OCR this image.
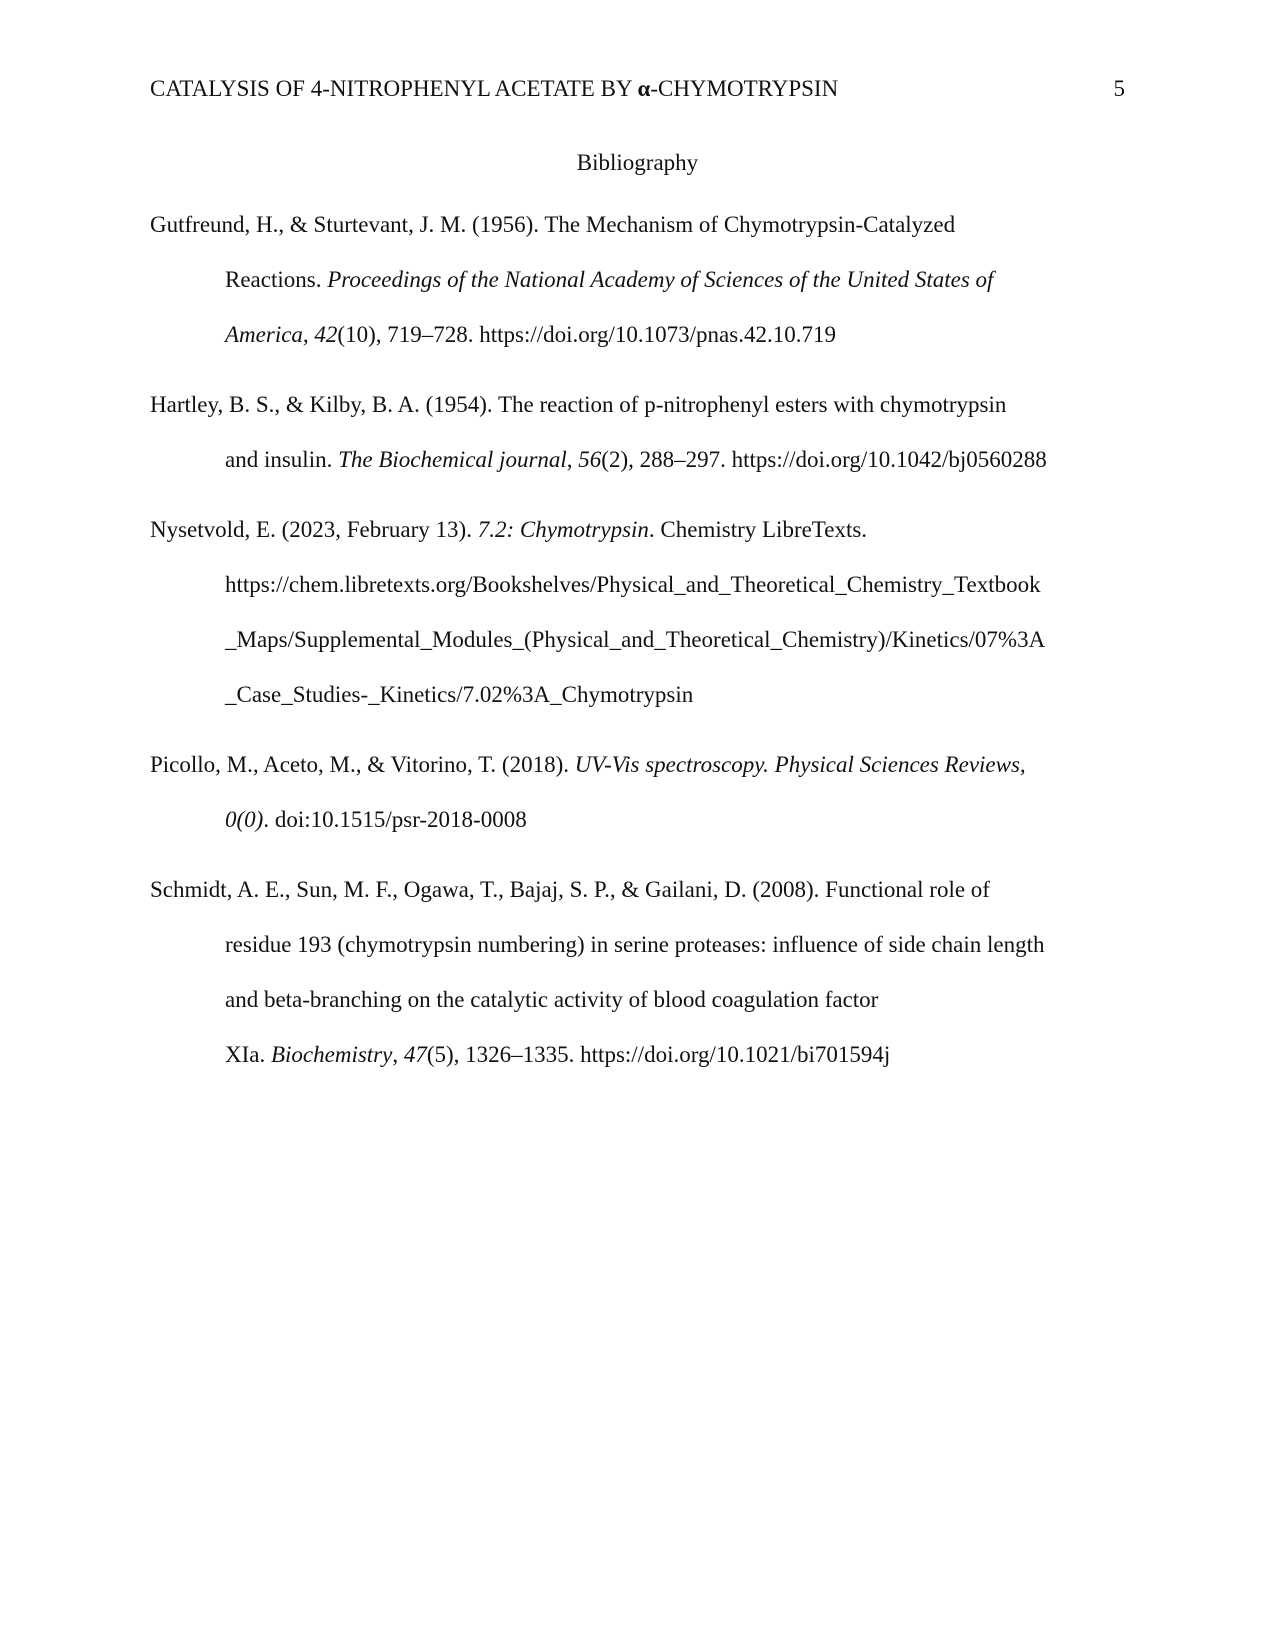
CATALYSIS OF 4-NITROPHENYL ACETATE BY α-CHYMOTRYPSIN	5
Bibliography
Gutfreund, H., & Sturtevant, J. M. (1956). The Mechanism of Chymotrypsin-Catalyzed
Reactions. Proceedings of the National Academy of Sciences of the United States of
America, 42(10), 719–728. https://doi.org/10.1073/pnas.42.10.719
Hartley, B. S., & Kilby, B. A. (1954). The reaction of p-nitrophenyl esters with chymotrypsin
and insulin. The Biochemical journal, 56(2), 288–297. https://doi.org/10.1042/bj0560288
Nysetvold, E. (2023, February 13). 7.2: Chymotrypsin. Chemistry LibreTexts.
https://chem.libretexts.org/Bookshelves/Physical_and_Theoretical_Chemistry_Textbook
_Maps/Supplemental_Modules_(Physical_and_Theoretical_Chemistry)/Kinetics/07%3A
_Case_Studies-_Kinetics/7.02%3A_Chymotrypsin
Picollo, M., Aceto, M., & Vitorino, T. (2018). UV-Vis spectroscopy. Physical Sciences Reviews,
0(0). doi:10.1515/psr-2018-0008
Schmidt, A. E., Sun, M. F., Ogawa, T., Bajaj, S. P., & Gailani, D. (2008). Functional role of
residue 193 (chymotrypsin numbering) in serine proteases: influence of side chain length
and beta-branching on the catalytic activity of blood coagulation factor
XIa. Biochemistry, 47(5), 1326–1335. https://doi.org/10.1021/bi701594j
